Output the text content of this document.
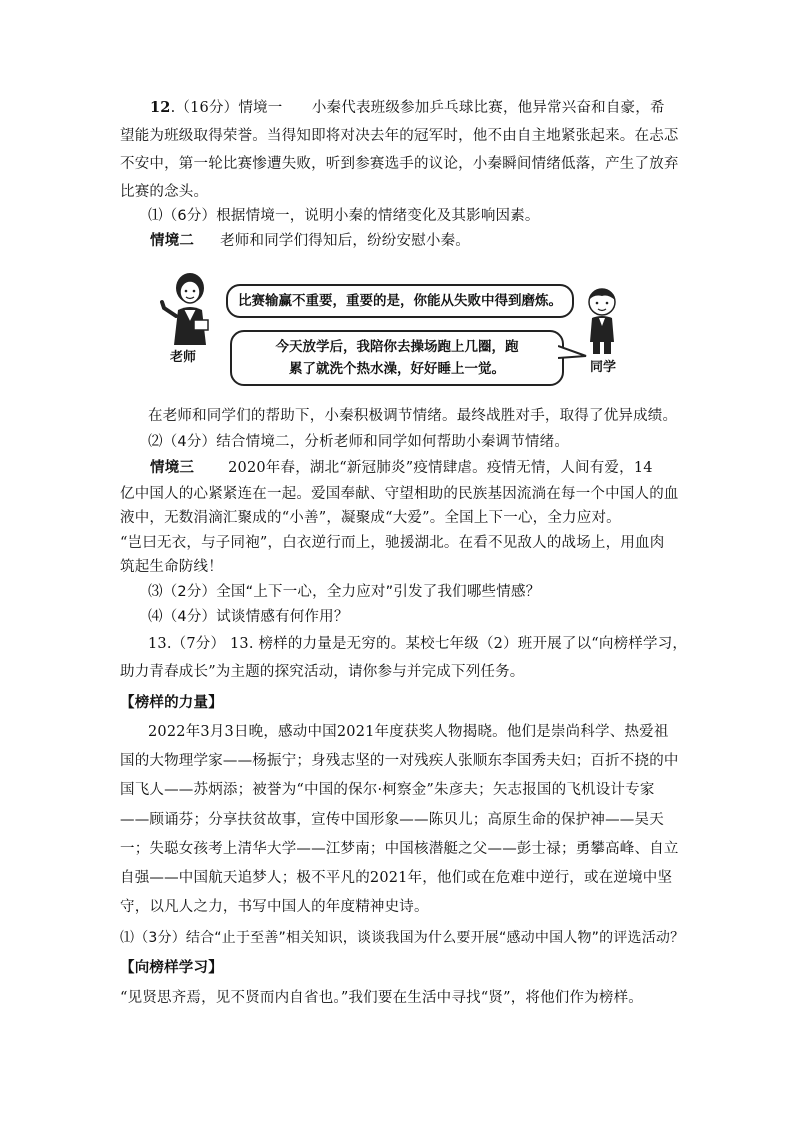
12.（16分）情境一　　小秦代表班级参加乒乓球比赛，他异常兴奋和自豪，希
望能为班级取得荣誉。当得知即将对决去年的冠军时，他不由自主地紧张起来。在忐忑
不安中，第一轮比赛惨遭失败，听到参赛选手的议论，小秦瞬间情绪低落，产生了放弃
比赛的念头。
⑴（6分）根据情境一，说明小秦的情绪变化及其影响因素。
情境二 老师和同学们得知后，纷纷安慰小秦。
老师
比赛输赢不重要，重要的是，你能从失败中得到磨炼。
今天放学后，我陪你去操场跑上几圈，跑
累了就洗个热水澡，好好睡上一觉。	同学
在老师和同学们的帮助下，小秦积极调节情绪。最终战胜对手，取得了优异成绩。
⑵（4分）结合情境二，分析老师和同学如何帮助小秦调节情绪。
情境三 2020年春，湖北“新冠肺炎”疫情肆虐。疫情无情，人间有爱，14
亿中国人的心紧紧连在一起。爱国奉献、守望相助的民族基因流淌在每一个中国人的血
液中，无数涓滴汇聚成的“小善”，凝聚成“大爱”。全国上下一心，全力应对。
“岂曰无衣，与子同袍”，白衣逆行而上，驰援湖北。在看不见敌人的战场上，用血肉
筑起生命防线！
⑶（2分）全国“上下一心，全力应对”引发了我们哪些情感？
⑷（4分）试谈情感有何作用？
13.（7分） 13. 榜样的力量是无穷的。某校七年级（2）班开展了以“向榜样学习，
助力青春成长”为主题的探究活动，请你参与并完成下列任务。
【榜样的力量】
2022年3月3日晚，感动中国2021年度获奖人物揭晓。他们是崇尚科学、热爱祖
国的大物理学家——杨振宁；身残志坚的一对残疾人张顺东李国秀夫妇；百折不挠的中
国飞人——苏炳添；被誉为“中国的保尔·柯察金”朱彦夫；矢志报国的飞机设计专家
——顾诵芬；分享扶贫故事，宣传中国形象——陈贝儿；高原生命的保护神——吴天
一；失聪女孩考上清华大学——江梦南；中国核潜艇之父——彭士禄；勇攀高峰、自立
自强——中国航天追梦人；极不平凡的2021年，他们或在危难中逆行，或在逆境中坚
守，以凡人之力，书写中国人的年度精神史诗。
⑴（3分）结合“止于至善”相关知识，谈谈我国为什么要开展“感动中国人物”的评选活动？
【向榜样学习】
“见贤思齐焉，见不贤而内自省也。”我们要在生活中寻找“贤”，将他们作为榜样。
